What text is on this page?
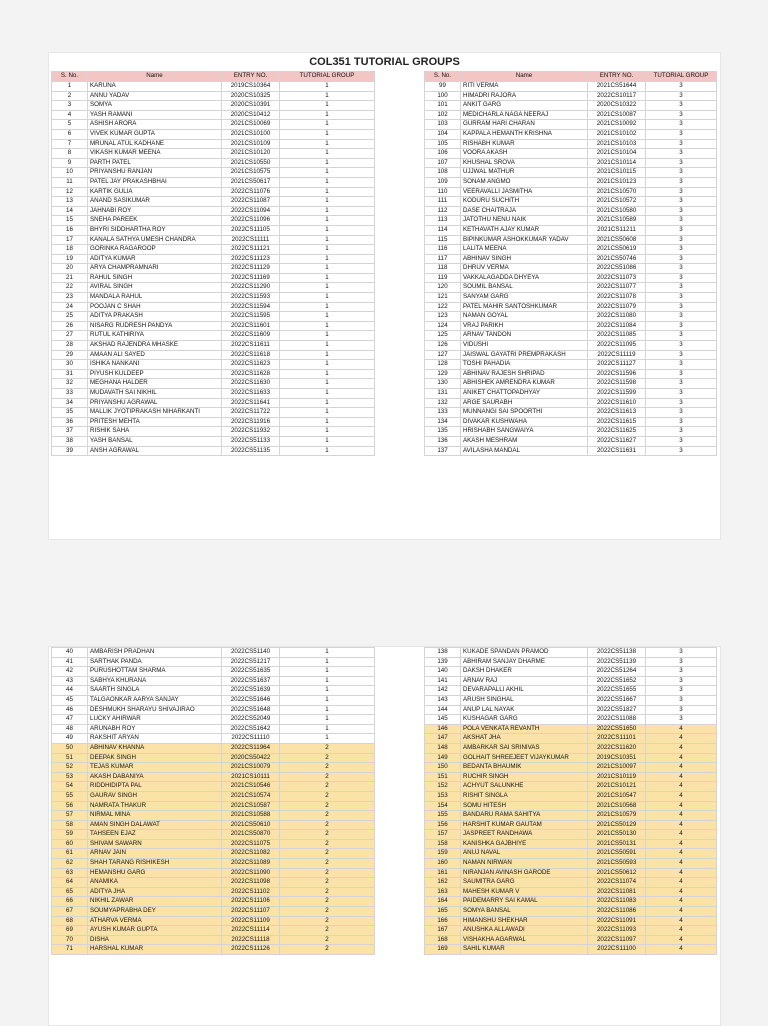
COL351 TUTORIAL GROUPS
S. No.	Name	ENTRY NO.	TUTORIAL GROUP
1	KARUNA	2019CS10364	1
2	ANNU YADAV	2020CS10325	1
3	SOMYA	2020CS10391	1
4	YASH RAMANI	2020CS10412	1
5	ASHISH ARORA	2021CS10069	1
6	VIVEK KUMAR GUPTA	2021CS10100	1
7	MRUNAL ATUL KADHANE	2021CS10109	1
8	VIKASH KUMAR MEENA	2021CS10120	1
9	PARTH PATEL	2021CS10550	1
10	PRIYANSHU RANJAN	2021CS10575	1
11	PATEL JAY PRAKASHBHAI	2021CS50617	1
12	KARTIK GULIA	2022CS11076	1
13	ANAND SASIKUMAR	2022CS11087	1
14	JAHNABI ROY	2022CS11094	1
15	SNEHA PAREEK	2022CS11096	1
16	BHYRI SIDDHARTHA ROY	2022CS11105	1
17	KANALA SATHYA UMESH CHANDRA	2022CS11111	1
18	GORINKA RAGAROOP	2022CS11121	1
19	ADITYA KUMAR	2022CS11123	1
20	ARYA CHAMPRAMNARI	2022CS11129	1
21	RAHUL SINGH	2022CS11169	1
22	AVIRAL SINGH	2022CS11290	1
23	MANDALA RAHUL	2022CS11593	1
24	POOJAN C SHAH	2022CS11594	1
25	ADITYA PRAKASH	2022CS11595	1
26	NISARG RUDRESH PANDYA	2022CS11601	1
27	RUTUL KATHIRIYA	2022CS11609	1
28	AKSHAD RAJENDRA MHASKE	2022CS11611	1
29	AMAAN ALI SAYED	2022CS11618	1
30	ISHIKA NANKANI	2022CS11623	1
31	PIYUSH KULDEEP	2022CS11628	1
32	MEGHANA HALDER	2022CS11630	1
33	MUDAVATH SAI NIKHIL	2022CS11633	1
34	PRIYANSHU AGRAWAL	2022CS11641	1
35	MALLIK JYOTIPRAKASH NIHARKANTI	2022CS11722	1
36	PRITESH MEHTA	2022CS11916	1
37	RISHIK SAHA	2022CS11932	1
38	YASH BANSAL	2022CS51133	1
39	ANSH AGRAWAL	2022CS51135	1
S. No.	Name	ENTRY NO.	TUTORIAL GROUP
99	RITI VERMA	2021CS51644	3
100	HIMADRI RAJORA	2022CS10117	3
101	ANKIT GARG	2020CS10322	3
102	MEDICHARLA NAGA NEERAJ	2021CS10087	3
103	GURRAM HARI CHARAN	2021CS10092	3
104	KAPPALA HEMANTH KRISHNA	2021CS10102	3
105	RISHABH KUMAR	2021CS10103	3
106	VOORA AKASH	2021CS10104	3
107	KHUSHAL SROVA	2021CS10114	3
108	UJJWAL MATHUR	2021CS10115	3
109	SONAM ANGMO	2021CS10123	3
110	VEERAVALLI JASMITHA	2021CS10570	3
111	KODURU SUCHITH	2021CS10572	3
112	DASE CHAITRAJA	2021CS10580	3
113	JATOTHU NENU NAIK	2021CS10589	3
114	KETHAVATH AJAY KUMAR	2021CS11211	3
115	BIPINKUMAR ASHOKKUMAR YADAV	2021CS50608	3
116	LALITA MEENA	2021CS50619	3
117	ABHINAV SINGH	2021CS50746	3
118	DHRUV VERMA	2022CS51086	3
119	VAKKALAGADDA DHYEYA	2022CS11073	3
120	SOUMIL BANSAL	2022CS11077	3
121	SANYAM GARG	2022CS11078	3
122	PATEL MAHIR SANTOSHKUMAR	2022CS11079	3
123	NAMAN GOYAL	2022CS11080	3
124	VRAJ PARIKH	2022CS11084	3
125	ARNAV TANDON	2022CS11085	3
126	VIDUSHI	2022CS11095	3
127	JAISWAL GAYATRI PREMPRAKASH	2022CS11119	3
128	TOSHI PAHADIA	2022CS11127	3
129	ABHINAV RAJESH SHRIPAD	2022CS11596	3
130	ABHISHEK AMRENDRA KUMAR	2022CS11598	3
131	ANIKET CHATTOPADHYAY	2022CS11599	3
132	ARGE SAURABH	2022CS11610	3
133	MUNNANGI SAI SPOORTHI	2022CS11613	3
134	DIVAKAR KUSHWAHA	2022CS11615	3
135	HRISHABH SANGWAIYA	2022CS11625	3
136	AKASH MESHRAM	2022CS11627	3
137	AVILASHA MANDAL	2022CS11631	3
40	AMBARISH PRADHAN	2022CS51140	1
41	SARTHAK PANDA	2022CS51217	1
42	PURUSHOTTAM SHARMA	2022CS51635	1
43	SABHYA KHURANA	2022CS51637	1
44	SAARTH SINGLA	2022CS51639	1
45	TALGAONKAR AARYA SANJAY	2022CS51646	1
46	DESHMUKH SHARAYU SHIVAJIRAO	2022CS51648	1
47	LUCKY AHIRWAR	2022CS52049	1
48	ARUNABH ROY	2022CS51642	1
49	RAKSHIT ARYAN	2022CS11110	1
50	ABHINAV KHANNA	2022CS11964	2
51	DEEPAK SINGH	2020CS50422	2
52	TEJAS KUMAR	2021CS10079	2
53	AKASH DABANIYA	2021CS10111	2
54	RIDDHIDIPTA PAL	2021CS10546	2
55	GAURAV SINGH	2021CS10574	2
56	NAMRATA THAKUR	2021CS10587	2
57	NIRMAL MINA	2021CS10588	2
58	AMAN SINGH DALAWAT	2021CS50610	2
59	TAHSEEN EJAZ	2021CS50870	2
60	SHIVAM SAWARN	2022CS11075	2
61	ARNAV JAIN	2022CS11082	2
62	SHAH TARANG RISHIKESH	2022CS11089	2
63	HEMANSHU GARG	2022CS11090	2
64	ANAMIKA	2022CS11098	2
65	ADITYA JHA	2022CS11102	2
66	NIKHIL ZAWAR	2022CS11106	2
67	SOUMYAPRABHA DEY	2022CS11107	2
68	ATHARVA VERMA	2022CS11109	2
69	AYUSH KUMAR GUPTA	2022CS11114	2
70	DISHA	2022CS11118	2
71	HARSHAL KUMAR	2022CS11126	2
138	KUKADE SPANDAN PRAMOD	2022CS51138	3
139	ABHIRAM SANJAY DHARME	2022CS51139	3
140	DAKSH DHAKER	2022CS51264	3
141	ARNAV RAJ	2022CS51652	3
142	DEVARAPALLI AKHIL	2022CS51655	3
143	ARUSH SINGHAL	2022CS51667	3
144	ANUP LAL NAYAK	2022CS51827	3
145	KUSHAGAR GARG	2022CS11088	3
146	POLA VENKATA REVANTH	2022CS51650	4
147	AKSHAT JHA	2022CS11101	4
148	AMBARKAR SAI SRINIVAS	2022CS11620	4
149	GOLHAIT SHREEJEET VIJAYKUMAR	2019CS10351	4
150	BEDANTA BHAUMIK	2021CS10097	4
151	RUCHIR SINGH	2021CS10119	4
152	ACHYUT SALUNKHE	2021CS10121	4
153	RISHIT SINGLA	2021CS10547	4
154	SOMU HITESH	2021CS10568	4
155	BANDARU RAMA SAHITYA	2021CS10579	4
156	HARSHIT KUMAR GAUTAM	2021CS50129	4
157	JASPREET RANDHAWA	2021CS50130	4
158	KANISHKA GAJBHIYE	2021CS50131	4
159	ANUJ NAVAL	2021CS50591	4
160	NAMAN NIRWAN	2021CS50593	4
161	NIRANJAN AVINASH GARODE	2021CS50612	4
162	SAUMITRA GARG	2022CS11074	4
163	MAHESH KUMAR V	2022CS11081	4
164	PAIDEMARRY SAI KAMAL	2022CS11083	4
165	SOMYA BANSAL	2022CS11086	4
166	HIMANSHU SHEKHAR	2022CS11091	4
167	ANUSHKA ALLAWADI	2022CS11093	4
168	VISHAKHA AGARWAL	2022CS11097	4
169	SAHIL KUMAR	2022CS11100	4
